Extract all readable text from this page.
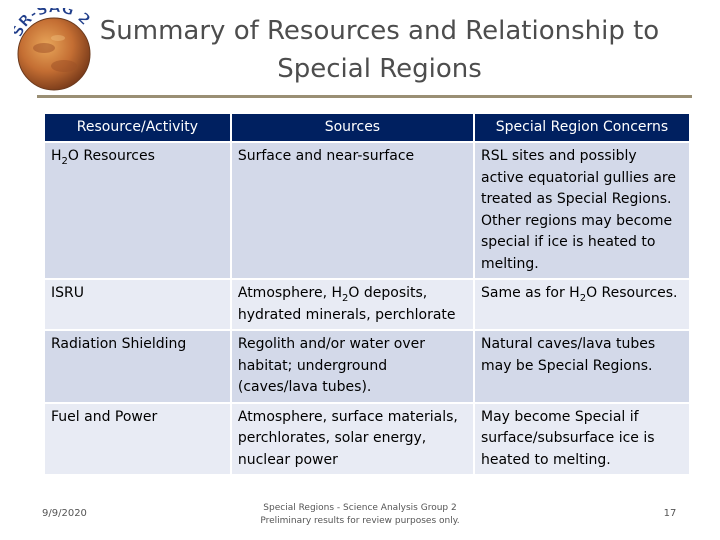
R-S G 2 Summary of Resources and Relationship to
Special Regions
Resource/Activity	Sources	Special Region Concerns
$H_2O$ Resources	Surface and near-surface	RSL sites and possibly active equatorial gullies are treated as Special Regions. Other regions may become special if ice is heated to melting.
ISRU	Atmosphere, $H_2O$ deposits, hydrated minerals, perchlorate	Same as for $H_2O$ Resources.
Radiation Shielding	Regolith and/or water over habitat; underground (caves/lava tubes).	Natural caves/lava tubes may be Special Regions.
Fuel and Power	Atmosphere, surface materials, perchlorates, solar energy, nuclear power	May become Special if surface/subsurface ice is heated to melting.
9/9/2020	Special Regions - Science Analysis Group 2
Preliminary results for review purposes only.
17
